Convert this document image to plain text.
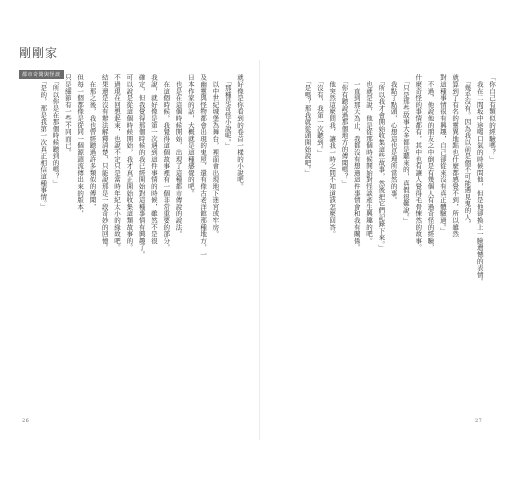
剛剛家
都市奇聞與怪談	就好像是你看到的卷首一樣的小說吧。
　「那種是奇怪小說呢。」
　以中世紀城堡為舞台，裡面會出現地下迷宮或牢房。
及幽靈與怪物都會出現的鬼屋，還有像古老洋館那種地方，一
日本作家的話，大概就是這種感覺的吧。
　也是在這個時候開始，出現了這種都市傳說的說法。
　在這個時候，我覺得這個故事裡有一個非常重要的部分，
我說，就好像是第一次遇到這件事情的時候，雖然不是很
確定，但我覺得那個時候的我已經開始對這種事情有興趣了。
可以說是從這個時候開始，我才真正開始收集這類故事的。
不過現在回想起來，也說不定只是當時年紀太小的緣故吧。
結果還是沒有辦法解釋清楚，只能說那是一段奇妙的回憶。
　在那之後，我也曾經聽過許多類似的傳聞，
但每一個都像是從同一個源頭流傳出來的版本，
只是細節有一些不同而已。
　「所以你是在那個時候聽到的嗎？」
　「是的，那是我第一次真正相信這種事情。」
26
「你自己有類似的經驗嗎？」
　我在二間坂中途喝口氣的時候問他，但是他卻換上一臉遺憾的表情。
　「幾乎沒有。因為我以前是個不可能遇見鬼的人，
就算到了有名的靈異地點也什麼都感覺不到，所以雖然
對這種事情很有興趣，自己卻從來沒有真正體驗過。」
　不過，他說他的朋友之中倒是有幾個人有過奇怪的經驗，
什麼奇怪的事情都有，其中也有讓人覺得毛骨悚然的故事。
　「只是那些故事大多都是聽來的，真假很難說。」
　我點了點頭，心想這也是理所當然的事。
　「所以我才會開始收集這些故事，然後把它們記錄下來。」
　也就是說，他是從那個時候開始對怪談產生興趣的吧。
　一直到那天為止，我都沒有想過這件事情會和我有關係。
　「你有聽說過那個地方的傳聞嗎？」
　他突然這麼問我，讓我一時之間不知道該怎麼回答。
　「沒有，我第一次聽到。」
　「是嗎？那我就從頭開始說吧。」
27
